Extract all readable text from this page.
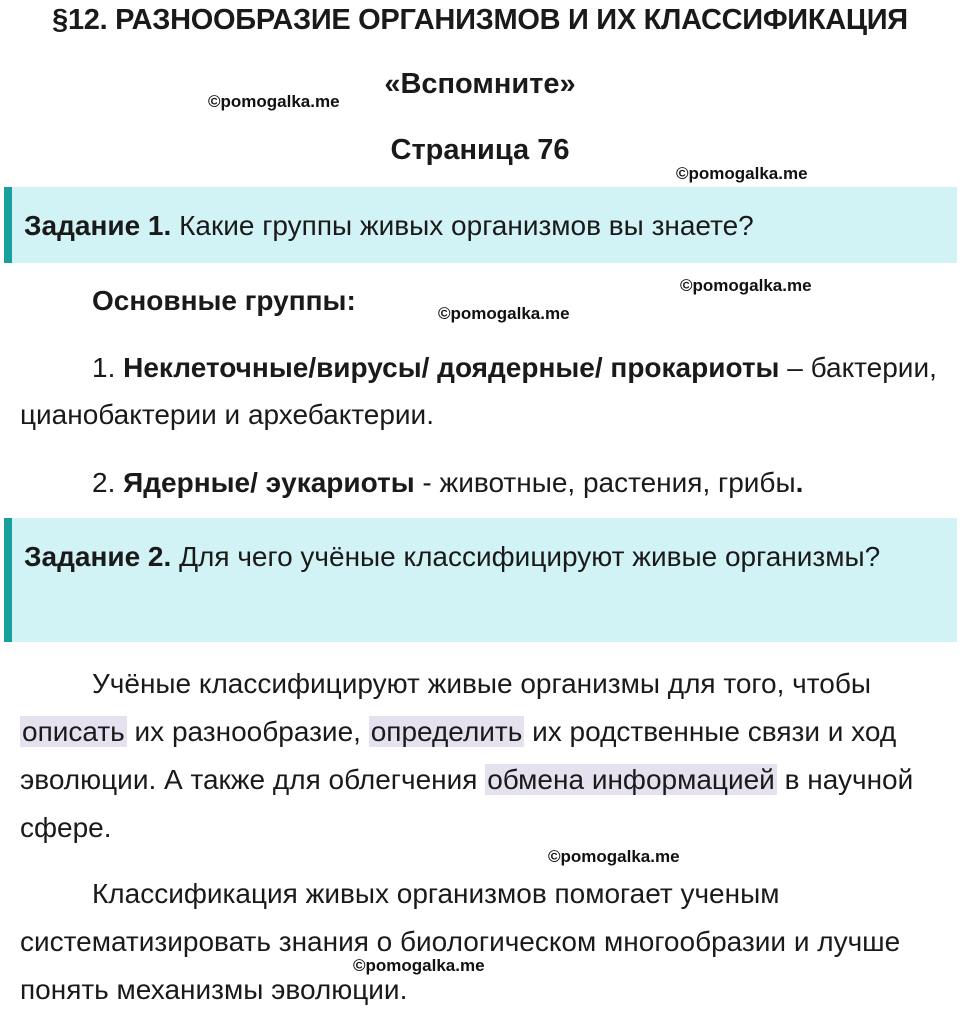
§12. РАЗНООБРАЗИЕ ОРГАНИЗМОВ И ИХ КЛАССИФИКАЦИЯ
«Вспомните»
Страница 76
©pomogalka.me
©pomogalka.me
Задание 1. Какие группы живых организмов вы знаете?
©pomogalka.me
Основные группы:	©pomogalka.me
1. Неклеточные/вирусы/ доядерные/ прокариоты – бактерии, цианобактерии и архебактерии.
2. Ядерные/ эукариоты - животные, растения, грибы.
Задание 2. Для чего учёные классифицируют живые организмы?
Учёные классифицируют живые организмы для того, чтобы описать их разнообразие, определить их родственные связи и ход эволюции. А также для облегчения обмена информацией в научной сфере.
©pomogalka.me
Классификация живых организмов помогает ученым систематизировать знания о биологическом многообразии и лучше понять механизмы эволюции.
©pomogalka.me
